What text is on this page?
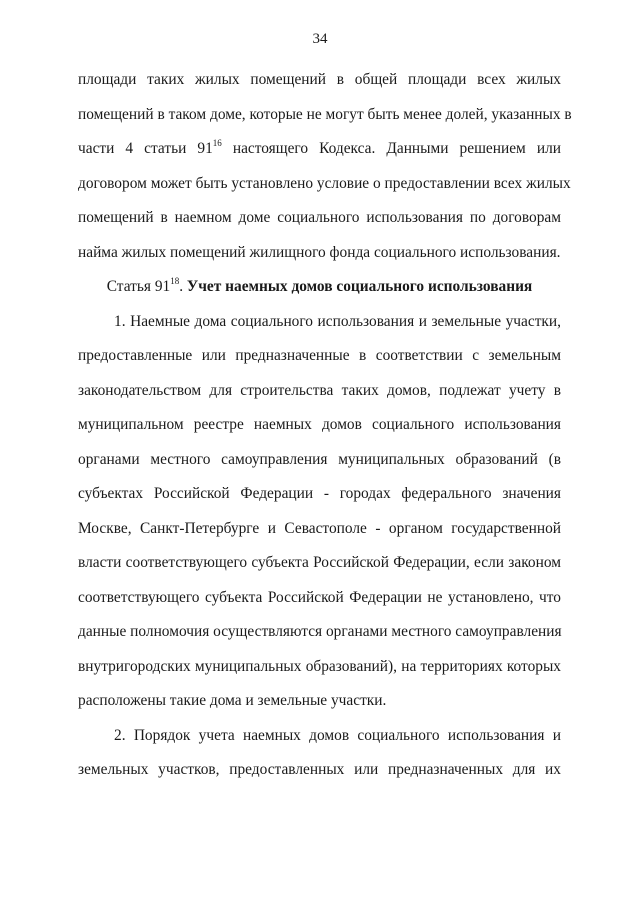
34
площади таких жилых помещений в общей площади всех жилых
помещений в таком доме, которые не могут быть менее долей, указанных в
части 4 статьи $91^{16}$ настоящего Кодекса. Данными решением или
договором может быть установлено условие о предоставлении всех жилых
помещений в наемном доме социального использования по договорам
найма жилых помещений жилищного фонда социального использования.
Статья $91^{18}$. Учет наемных домов социального использования
1. Наемные дома социального использования и земельные участки,
предоставленные или предназначенные в соответствии с земельным
законодательством для строительства таких домов, подлежат учету в
муниципальном реестре наемных домов социального использования
органами местного самоуправления муниципальных образований (в
субъектах Российской Федерации - городах федерального значения
Москве, Санкт-Петербурге и Севастополе - органом государственной
власти соответствующего субъекта Российской Федерации, если законом
соответствующего субъекта Российской Федерации не установлено, что
данные полномочия осуществляются органами местного самоуправления
внутригородских муниципальных образований), на территориях которых
расположены такие дома и земельные участки.
2. Порядок учета наемных домов социального использования и
земельных участков, предоставленных или предназначенных для их
